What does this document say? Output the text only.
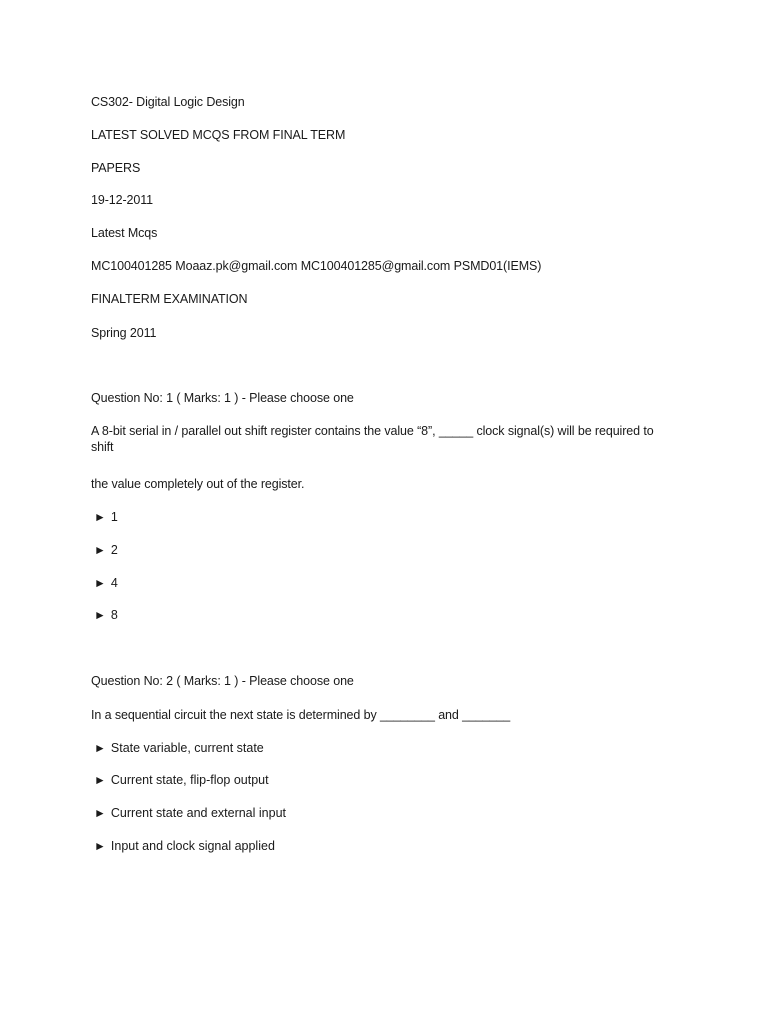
CS302- Digital Logic Design
LATEST SOLVED MCQS FROM FINAL TERM
PAPERS
19-12-2011
Latest Mcqs
MC100401285 Moaaz.pk@gmail.com MC100401285@gmail.com PSMD01(IEMS)
FINALTERM EXAMINATION
Spring 2011
Question No: 1 ( Marks: 1 ) - Please choose one
A 8-bit serial in / parallel out shift register contains the value “8”, _____ clock signal(s) will be required to shift
the value completely out of the register.
► 1
► 2
► 4
► 8
Question No: 2 ( Marks: 1 ) - Please choose one
In a sequential circuit the next state is determined by ________ and _______
► State variable, current state
► Current state, flip-flop output
► Current state and external input
► Input and clock signal applied
